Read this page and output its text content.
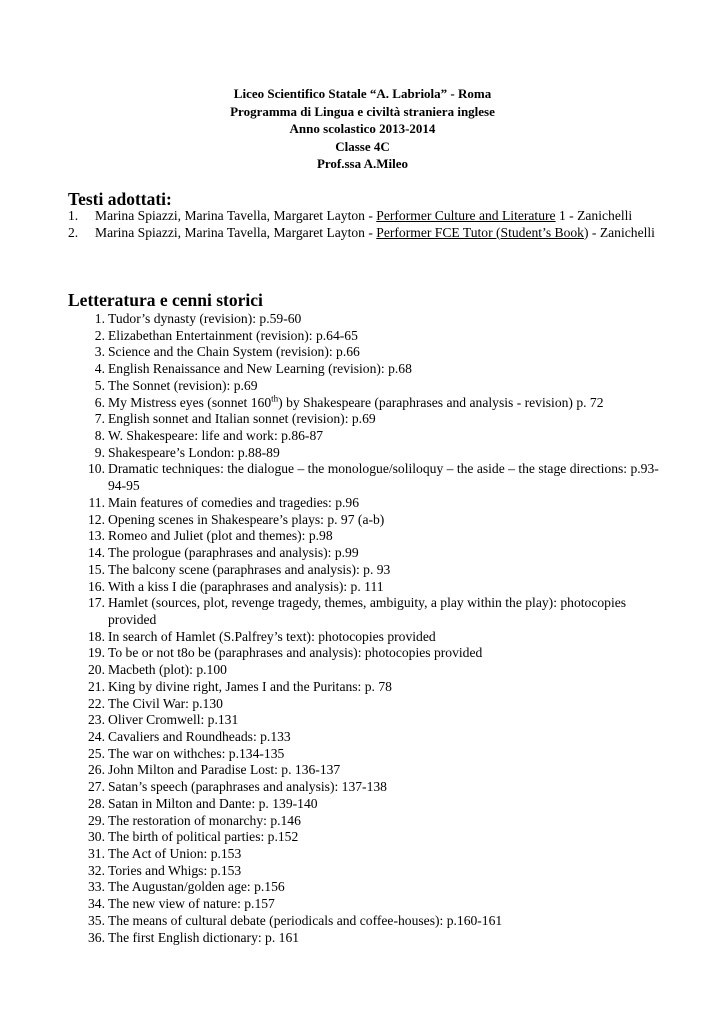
Liceo Scientifico Statale “A. Labriola” - Roma
Programma di Lingua e civiltà straniera inglese
Anno scolastico 2013-2014
Classe 4C
Prof.ssa A.Mileo
Testi adottati:
1. Marina Spiazzi, Marina Tavella, Margaret Layton - Performer Culture and Literature 1 - Zanichelli
2. Marina Spiazzi, Marina Tavella, Margaret Layton - Performer FCE Tutor (Student’s Book) - Zanichelli
Letteratura e cenni storici
1. Tudor’s dynasty (revision): p.59-60
2. Elizabethan Entertainment (revision): p.64-65
3. Science and the Chain System (revision): p.66
4. English Renaissance and New Learning (revision): p.68
5. The Sonnet (revision): p.69
6. My Mistress eyes (sonnet 160th) by Shakespeare (paraphrases and analysis - revision) p. 72
7. English sonnet and Italian sonnet (revision): p.69
8. W. Shakespeare: life and work: p.86-87
9. Shakespeare’s London: p.88-89
10. Dramatic techniques: the dialogue – the monologue/soliloquy – the aside – the stage directions: p.93-94-95
11. Main features of comedies and tragedies: p.96
12. Opening scenes in Shakespeare’s plays: p. 97 (a-b)
13. Romeo and Juliet (plot and themes): p.98
14. The prologue (paraphrases and analysis): p.99
15. The balcony scene (paraphrases and analysis): p. 93
16. With a kiss I die (paraphrases and analysis): p. 111
17. Hamlet (sources, plot, revenge tragedy, themes, ambiguity, a play within the play): photocopies provided
18. In search of Hamlet (S.Palfrey’s text): photocopies provided
19. To be or not t8o be (paraphrases and analysis): photocopies provided
20. Macbeth (plot): p.100
21. King by divine right, James I and the Puritans: p. 78
22. The Civil War: p.130
23. Oliver Cromwell: p.131
24. Cavaliers and Roundheads: p.133
25. The war on withches: p.134-135
26. John Milton and Paradise Lost: p. 136-137
27. Satan’s speech (paraphrases and analysis): 137-138
28. Satan in Milton and Dante: p. 139-140
29. The restoration of monarchy: p.146
30. The birth of political parties: p.152
31. The Act of Union: p.153
32. Tories and Whigs: p.153
33. The Augustan/golden age: p.156
34. The new view of nature: p.157
35. The means of cultural debate (periodicals and coffee-houses): p.160-161
36. The first English dictionary: p. 161
